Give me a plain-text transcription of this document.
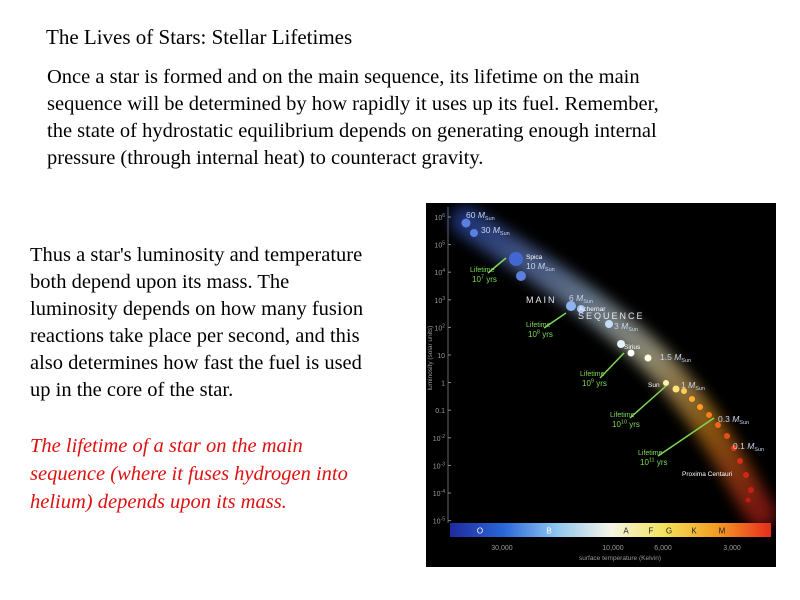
The Lives of Stars: Stellar Lifetimes
Once a star is formed and on the main sequence, its lifetime on the main
sequence will be determined by how rapidly it uses up its fuel. Remember,
the state of hydrostatic equilibrium depends on generating enough internal
pressure (through internal heat) to counteract gravity.
Thus a star's luminosity and temperature
both depend upon its mass. The
luminosity depends on how many fusion
reactions take place per second, and this
also determines how fast the fuel is used
up in the core of the star.
The lifetime of a star on the main
sequence (where it fuses hydrogen into
helium) depends upon its mass.
$10^6$
$10^5$
$10^4$
$10^3$
$10^2$
10
1
0.1
$10^{-2}$
$10^{-3}$
$10^{-4}$
$10^{-5}$
luminosity (solar units)
O	B	A F G K	M
30,000	10,000	6,000	3,000
surface temperature (Kelvin)
60 $M_{Sun}$
30 $M_{Sun}$
10 $M_{Sun}$
6 $M_{Sun}$
3 $M_{Sun}$
1.5 $M_{Sun}$
1 $M_{Sun}$
0.3 $M_{Sun}$
0.1 $M_{Sun}$
Spica
Achernar
Sirius
Sun
Proxima Centauri
MAIN
SEQUENCE
Lifetime
$10^7$ yrs
Lifetime
$10^8$ yrs
Lifetime
$10^9$ yrs
Lifetime
$10^{10}$ yrs
Lifetime
$10^{11}$ yrs
